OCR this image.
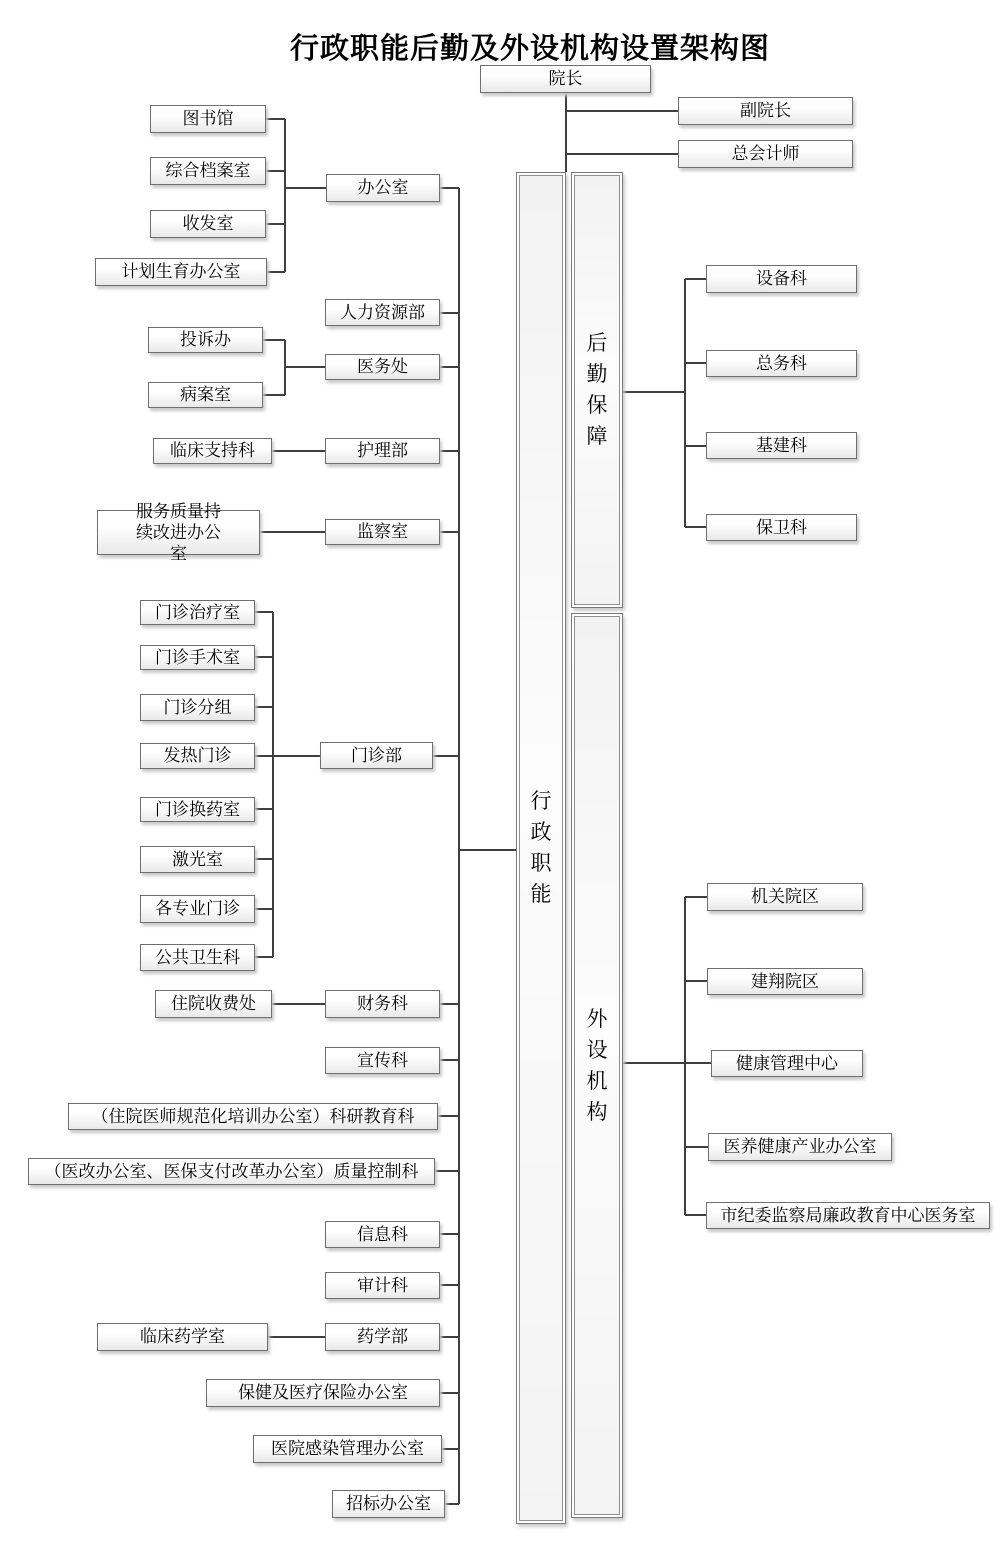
行政职能后勤及外设机构设置架构图
院长
副院长
总会计师
行政职能
后勤保障
外设机构
图书馆
综合档案室
收发室
计划生育办公室
办公室
人力资源部
投诉办
病案室
医务处
临床支持科	护理部
服务质量持续改进办公室
监察室
门诊治疗室
门诊手术室
门诊分组
发热门诊
门诊换药室
激光室
各专业门诊
公共卫生科
门诊部
住院收费处	财务科
宣传科
（住院医师规范化培训办公室）科研教育科
（医改办公室、医保支付改革办公室）质量控制科
信息科
审计科
临床药学室	药学部
保健及医疗保险办公室
医院感染管理办公室
招标办公室
设备科
总务科
基建科
保卫科
机关院区
建翔院区
健康管理中心
医养健康产业办公室
市纪委监察局廉政教育中心医务室
